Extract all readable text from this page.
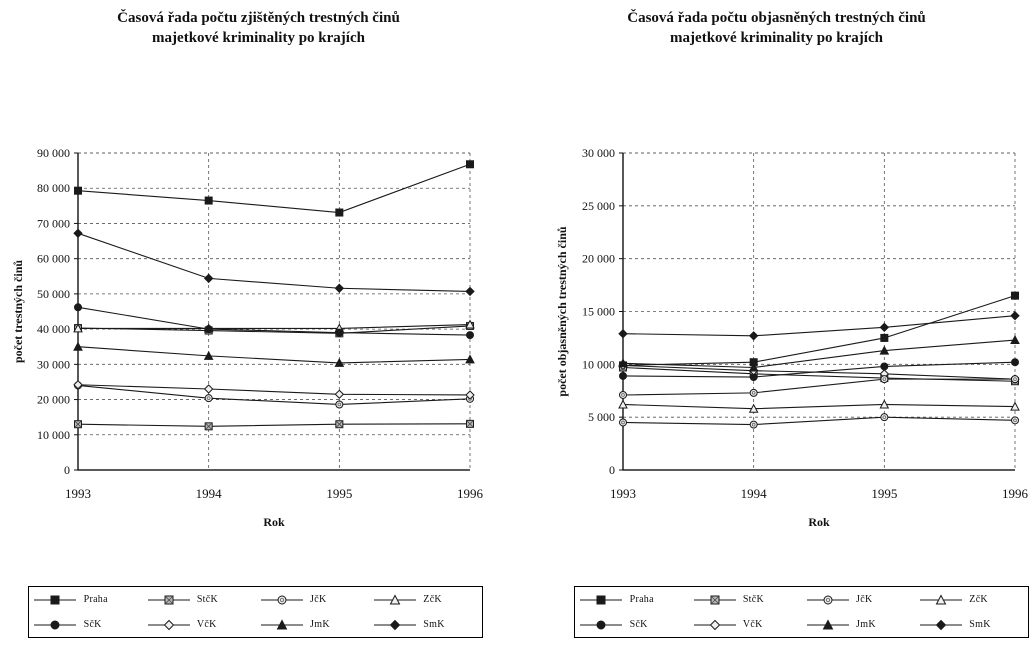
Časová řada počtu zjištěných trestných činů
majetkové kriminality po krajích
0
10 000
20 000
30 000
40 000
50 000
60 000
70 000
80 000
90 000
1993	1994	1995	1996
Rok
počet trestných činů
	Praha		StčK		JčK		ZčK
	SčK		VčK		JmK		SmK
Časová řada počtu objasněných trestných činů
majetkové kriminality po krajích
0
5 000
10 000
15 000
20 000
25 000
30 000
1993	1994	1995	1996
Rok
počet objasněných trestných činů
	Praha		StčK		JčK		ZčK
	SčK		VčK		JmK		SmK
